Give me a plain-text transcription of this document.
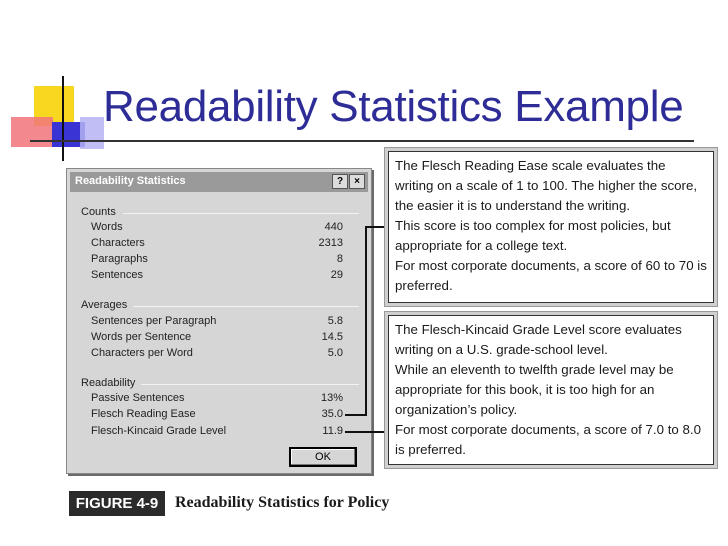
Readability Statistics Example
Readability Statistics	?	×
Counts
Words	440
Characters	2313
Paragraphs	8
Sentences	29
Averages
Sentences per Paragraph	5.8
Words per Sentence	14.5
Characters per Word	5.0
Readability
Passive Sentences	13%
Flesch Reading Ease	35.0
Flesch-Kincaid Grade Level	11.9
OK

The Flesch Reading Ease scale evaluates the writing on a scale of 1 to 100. The higher the score, the easier it is to understand the writing.

This score is too complex for most policies, but appropriate for a college text.

For most corporate documents, a score of 60 to 70 is preferred.

The Flesch-Kincaid Grade Level score evaluates writing on a U.S. grade-school level.

While an eleventh to twelfth grade level may be appropriate for this book, it is too high for an organization’s policy.

For most corporate documents, a score of 7.0 to 8.0 is preferred.

FIGURE 4-9	Readability Statistics for Policy
